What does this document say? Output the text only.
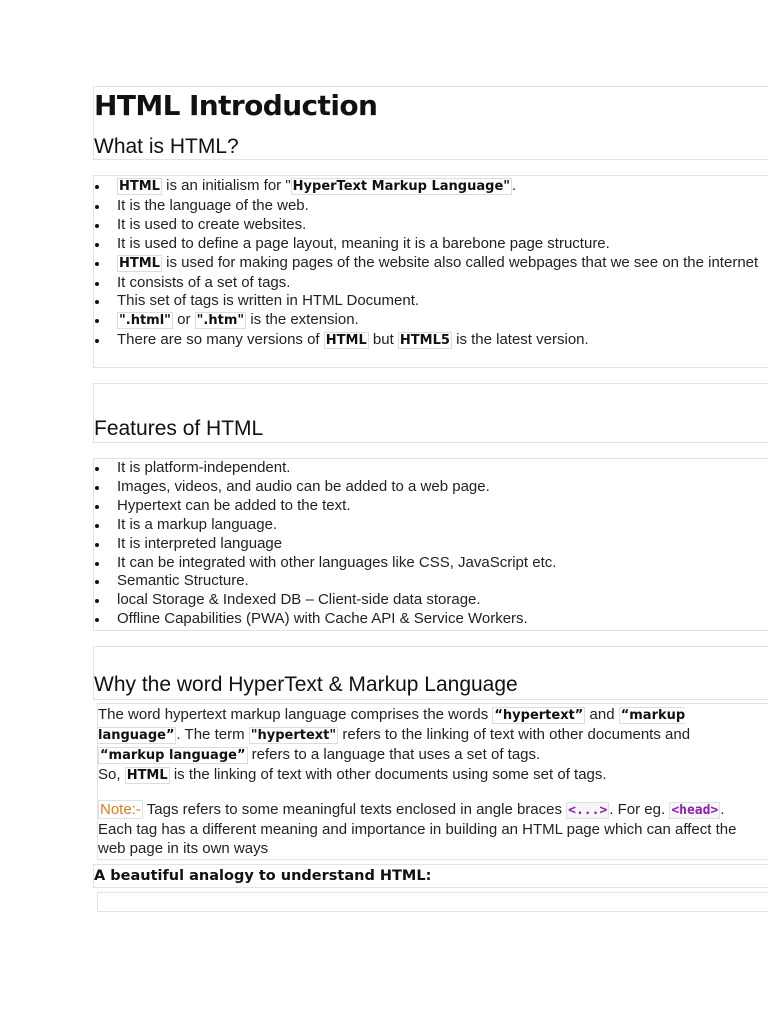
HTML Introduction
What is HTML?
HTML is an initialism for " HyperText Markup Language" .
It is the language of the web.
It is used to create websites.
It is used to define a page layout, meaning it is a barebone page structure.
HTML is used for making pages of the website also called webpages that we see on the internet
It consists of a set of tags.
This set of tags is written in HTML Document.
".html" or ".htm" is the extension.
There are so many versions of HTML but HTML5 is the latest version.
Features of HTML
It is platform-independent.
Images, videos, and audio can be added to a web page.
Hypertext can be added to the text.
It is a markup language.
It is interpreted language
It can be integrated with other languages like CSS, JavaScript etc.
Semantic Structure.
local Storage & Indexed DB – Client-side data storage.
Offline Capabilities (PWA) with Cache API & Service Workers.
Why the word HyperText & Markup Language

The word hypertext markup language comprises the words “hypertext” and “markup language” . The term "hypertext" refers to the linking of text with other documents and “markup language” refers to a language that uses a set of tags.
So, HTML is the linking of text with other documents using some set of tags.

Note:- Tags refers to some meaningful texts enclosed in angle braces <...> . For eg. <head> . Each tag has a different meaning and importance in building an HTML page which can affect the web page in its own ways

A beautiful analogy to understand HTML:
